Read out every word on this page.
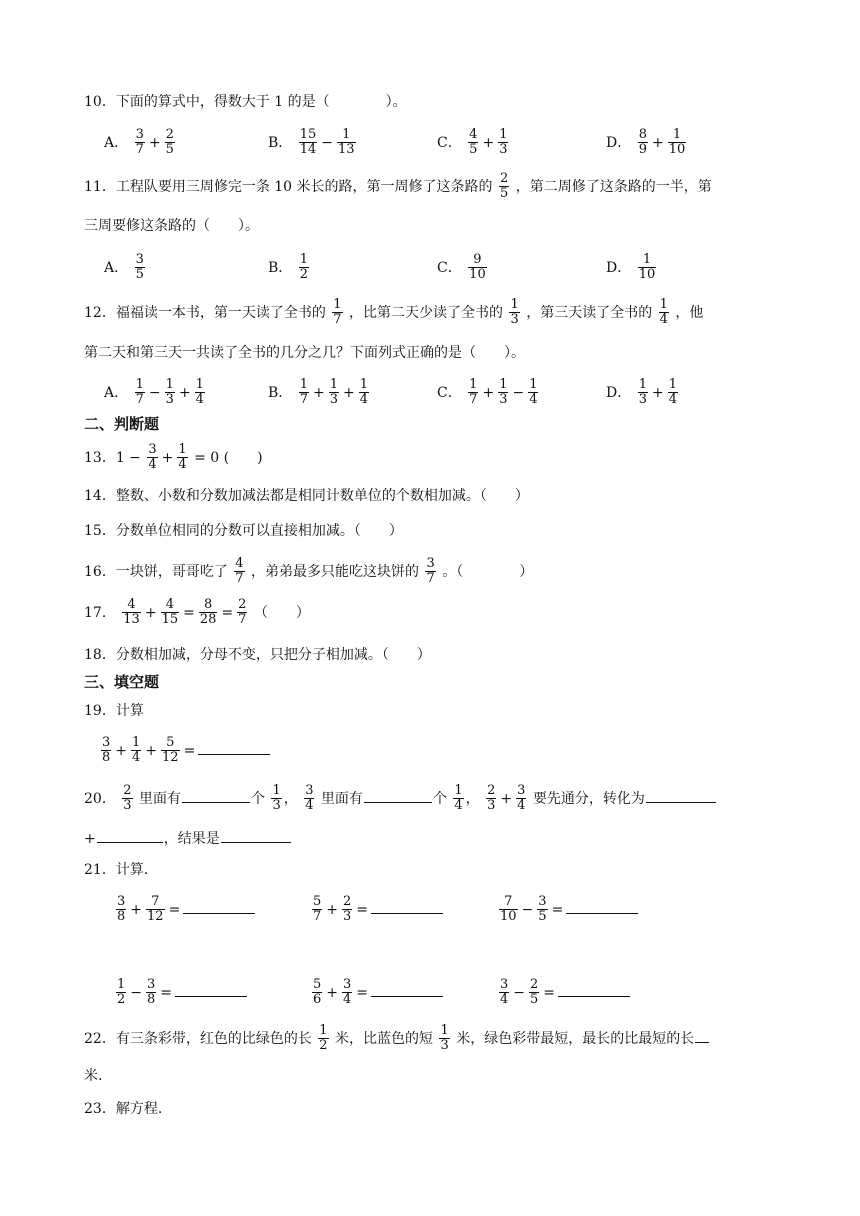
10．下面的算式中，得数大于 1 的是（　　　　）。
A． $\frac{3}{7} + \frac{2}{5}$	B． $\frac{15}{14} - \frac{1}{13}$	C． $\frac{4}{5} + \frac{1}{3}$	D． $\frac{8}{9} + \frac{1}{10}$
11．工程队要用三周修完一条 10 米长的路，第一周修了这条路的 $\frac{2}{5}$ ，第二周修了这条路的一半，第
三周要修这条路的（　　）。
A． $\frac{3}{5}$	B． $\frac{1}{2}$	C． $\frac{9}{10}$	D． $\frac{1}{10}$
12．福福读一本书，第一天读了全书的 $\frac{1}{7}$ ，比第二天少读了全书的 $\frac{1}{3}$ ，第三天读了全书的 $\frac{1}{4}$ ，他
第二天和第三天一共读了全书的几分之几？下面列式正确的是（　　）。
A． $\frac{1}{7} - \frac{1}{3} + \frac{1}{4}$	B． $\frac{1}{7} + \frac{1}{3} + \frac{1}{4}$	C． $\frac{1}{7} + \frac{1}{3} - \frac{1}{4}$	D． $\frac{1}{3} + \frac{1}{4}$
二、判断题
13．$1 - \frac{3}{4} + \frac{1}{4} = 0$ (　　)
14．整数、小数和分数加减法都是相同计数单位的个数相加减。（　　）
15．分数单位相同的分数可以直接相加减。（　　）
16．一块饼，哥哥吃了 $\frac{4}{7}$ ，弟弟最多只能吃这块饼的 $\frac{3}{7}$ 。（　　　　）
17． $\frac{4}{13} + \frac{4}{15} = \frac{8}{28} = \frac{2}{7}$ （　　）
18．分数相加减，分母不变，只把分子相加减。（　　）
三、填空题
19．计算
$\frac{3}{8} + \frac{1}{4} + \frac{5}{12}$ =
20． $\frac{2}{3}$ 里面有	个 $\frac{1}{3}$ ， $\frac{3}{4}$ 里面有	个 $\frac{1}{4}$ ， $\frac{2}{3} + \frac{3}{4}$ 要先通分，转化为
+	，结果是
21．计算.
$\frac{3}{8} + \frac{7}{12}$ =	$\frac{5}{7} + \frac{2}{3}$ =	$\frac{7}{10} - \frac{3}{5}$ =
$\frac{1}{2} - \frac{3}{8}$ =	$\frac{5}{6} + \frac{3}{4}$ =	$\frac{3}{4} - \frac{2}{5}$ =
22．有三条彩带，红色的比绿色的长 $\frac{1}{2}$ 米，比蓝色的短 $\frac{1}{3}$ 米，绿色彩带最短，最长的比最短的长
米.
23．解方程.
